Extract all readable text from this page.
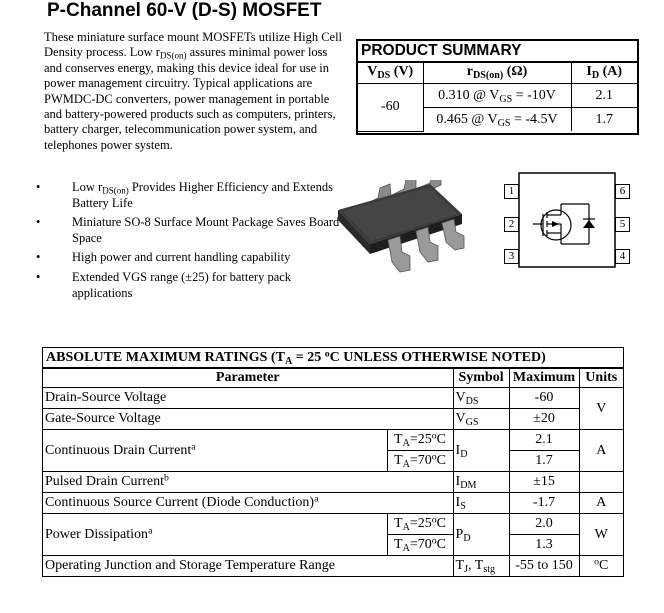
P-Channel 60-V (D-S) MOSFET
These miniature surface mount MOSFETs utilize High Cell Density process. Low $r_{DS(on)}$ assures minimal power loss and conserves energy, making this device ideal for use in power management circuitry. Typical applications are PWMDC-DC converters, power management in portable and battery-powered products such as computers, printers, battery charger, telecommunication power system, and telephones power system.
•	Low $r_{DS(on)}$ Provides Higher Efficiency and Extends Battery Life
•	Miniature SO-8 Surface Mount Package Saves Board Space
•	High power and current handling capability
•	Extended VGS range (±25) for battery pack applications
PRODUCT SUMMARY
$V_{DS}$ (V)	$r_{DS(on)}$ (Ω)	$I_D$ (A)
-60	0.310 @ $V_{GS} = -10V$	2.1
	0.465 @ $V_{GS} = -4.5V$	1.7
1
2
3
6
5
4
ABSOLUTE MAXIMUM RATINGS ($T_A = 25$ $^o$C UNLESS OTHERWISE NOTED)
Parameter		Symbol	Maximum	Units
Drain-Source Voltage		$V_{DS}$	-60	V
Gate-Source Voltage		$V_{GS}$	±20	
Continuous Drain Current$^a$	$T_A=25^oC$	$I_D$	2.1	A
	$T_A=70^oC$		1.7	
Pulsed Drain Current$^b$		$I_{DM}$	±15	
Continuous Source Current (Diode Conduction)$^a$		$I_S$	-1.7	A
Power Dissipation$^a$	$T_A=25^oC$	$P_D$	2.0	W
	$T_A=70^oC$		1.3	
Operating Junction and Storage Temperature Range		$T_J$, $T_{stg}$	-55 to 150	$^o$C
